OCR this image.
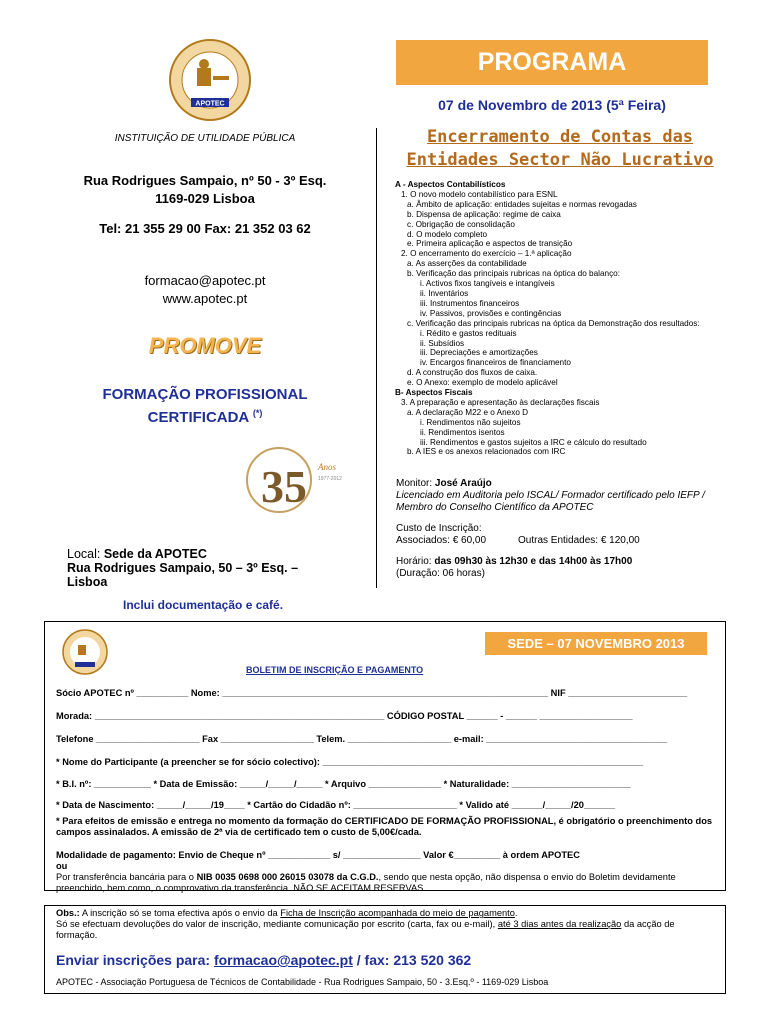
APOTEC
35 Anos
1977-2012
PROGRAMA
07 de Novembro de 2013 (5ª Feira)
Encerramento de Contas das
Entidades Sector Não Lucrativo
INSTITUIÇÃO DE UTILIDADE PÚBLICA
Rua Rodrigues Sampaio, nº 50 - 3º Esq.
1169-029 Lisboa
Tel: 21 355 29 00 Fax: 21 352 03 62
formacao@apotec.pt
www.apotec.pt
PROMOVE
FORMAÇÃO PROFISSIONAL
CERTIFICADA (*)
Local: Sede da APOTEC
Rua Rodrigues Sampaio, 50 – 3º Esq. –
Lisboa
Inclui documentação e café.
A - Aspectos Contabilísticos
1. O novo modelo contabilístico para ESNL
a. Âmbito de aplicação: entidades sujeitas e normas revogadas
b. Dispensa de aplicação: regime de caixa
c. Obrigação de consolidação
d. O modelo completo
e. Primeira aplicação e aspectos de transição
2. O encerramento do exercício – 1.ª aplicação
a. As asserções da contabilidade
b. Verificação das principais rubricas na óptica do balanço:
i. Activos fixos tangíveis e intangíveis
ii. Inventários
iii. Instrumentos financeiros
iv. Passivos, provisões e contingências
c. Verificação das principais rubricas na óptica da Demonstração dos resultados:
i. Rédito e gastos redituais
ii. Subsídios
iii. Depreciações e amortizações
iv. Encargos financeiros de financiamento
d. A construção dos fluxos de caixa.
e. O Anexo: exemplo de modelo aplicável
B- Aspectos Fiscais
3. A preparação e apresentação às declarações fiscais
a. A declaração M22 e o Anexo D
i. Rendimentos não sujeitos
ii. Rendimentos isentos
iii. Rendimentos e gastos sujeitos a IRC e cálculo do resultado
b. A IES e os anexos relacionados com IRC
Monitor: José Araújo
Licenciado em Auditoria pelo ISCAL/ Formador certificado pelo IEFP /
Membro do Conselho Científico da APOTEC
Custo de Inscrição:
Associados: € 60,00	Outras Entidades: € 120,00
Horário: das 09h30 às 12h30 e das 14h00 às 17h00
(Duração: 06 horas)
SEDE – 07 NOVEMBRO 2013
BOLETIM DE INSCRIÇÃO E PAGAMENTO
Sócio APOTEC nº __________ Nome: _______________________________________________________________ NIF _______________________
Morada: ________________________________________________________ CÓDIGO POSTAL ______ - ______ __________________
Telefone ____________________ Fax __________________ Telem. ____________________ e-mail: ___________________________________
* Nome do Participante (a preencher se for sócio colectivo): ______________________________________________________________
* B.I. nº: ___________ * Data de Emissão: _____/_____/_____ * Arquivo ______________ * Naturalidade: _______________________
* Data de Nascimento: _____/_____/19____ * Cartão do Cidadão nº: ____________________ * Valido até ______/_____/20______
* Para efeitos de emissão e entrega no momento da formação do CERTIFICADO DE FORMAÇÃO PROFISSIONAL, é obrigatório o preenchimento dos campos assinalados. A emissão de 2ª via de certificado tem o custo de 5,00€/cada.
Modalidade de pagamento: Envio de Cheque nº ____________ s/ _______________ Valor €_________ à ordem APOTEC
ou
Por transferência bancária para o NIB 0035 0698 000 26015 03078 da C.G.D., sendo que nesta opção, não dispensa o envio do Boletim devidamente preenchido, bem como, o comprovativo da transferência. NÃO SE ACEITAM RESERVAS.
Obs.: A inscrição só se toma efectiva após o envio da Ficha de Inscrição acompanhada do meio de pagamento.
Só se efectuam devoluções do valor de inscrição, mediante comunicação por escrito (carta, fax ou e-mail), até 3 dias antes da realização da acção de formação.
Enviar inscrições para: formacao@apotec.pt / fax: 213 520 362
APOTEC - Associação Portuguesa de Técnicos de Contabilidade - Rua Rodrigues Sampaio, 50 - 3.Esq.º - 1169-029 Lisboa
